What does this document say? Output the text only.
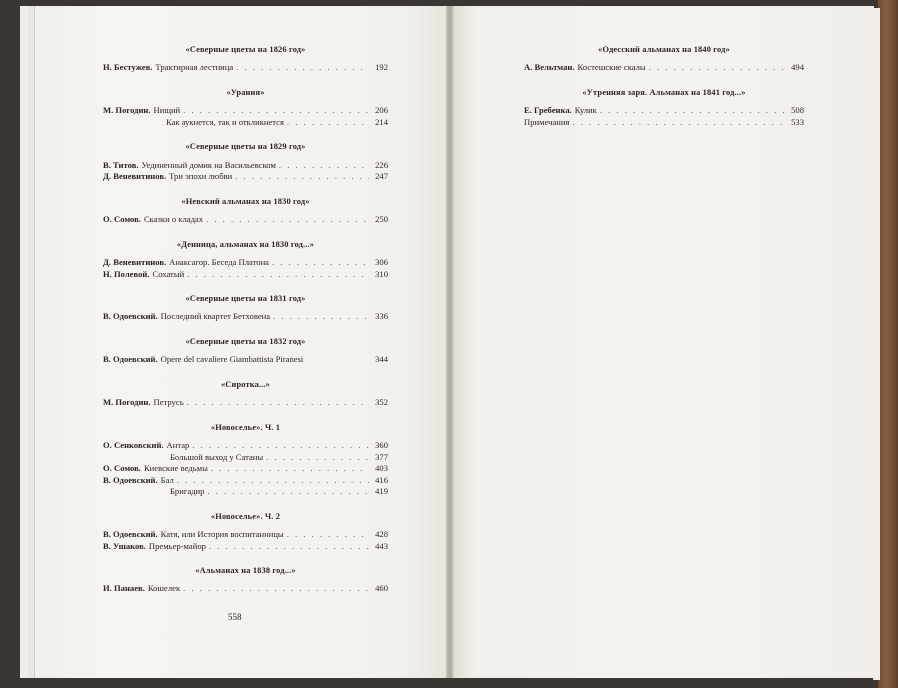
«Северные цветы на 1826 год»
Н. Бестужев. Трактирная лестница . . .	192
«Урания»
М. Погодин. Нищий . . .	206
Как аукнется, так и откликнется . . .	214
«Северные цветы на 1829 год»
В. Титов. Уединенный домик на Васильевском . . .	226
Д. Веневитинов. Три эпохи любви . . .	247
«Невский альманах на 1830 год»
О. Сомов. Сказки о кладах . . .	250
«Денница, альманах на 1830 год...»
Д. Веневитинов. Анаксагор. Беседа Платона . . .	306
Н. Полевой. Сохатый . . .	310
«Северные цветы на 1831 год»
В. Одоевский. Последний квартет Бетховена . . .	336
«Северные цветы на 1832 год»
В. Одоевский. Opere del cavaliere Giambattista Piranesi	344
«Сиротка...»
М. Погодин. Петрусь . . .	352
«Новоселье». Ч. 1
О. Сенковский. Антар . . .	360
Большой выход у Сатаны . . .	377
О. Сомов. Киевские ведьмы . . .	403
В. Одоевский. Бал . . .	416
Бригадир . . .	419
«Новоселье». Ч. 2
В. Одоевский. Катя, или История воспитанницы . . .	428
В. Ушаков. Премьер-майор . . .	443
«Альманах на 1838 год...»
И. Панаев. Кошелек . . .	460
«Одесский альманах на 1840 год»
А. Вельтман. Костешские скалы . . .	494
«Утренняя заря. Альманах на 1841 год...»
Е. Гребенка. Кулик . . .	508
Примечания . . .	533
558
